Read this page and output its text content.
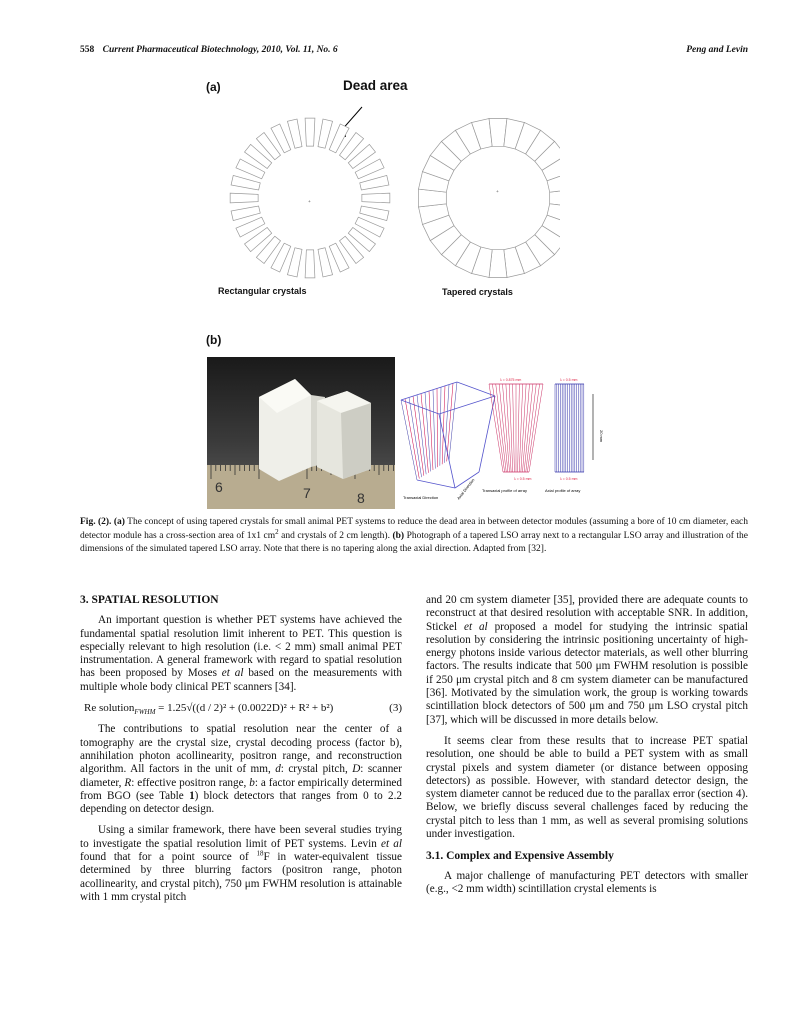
558 Current Pharmaceutical Biotechnology, 2010, Vol. 11, No. 6	Peng and Levin
(a)	Dead area
+
+
Rectangular crystals	Tapered crystals
(b)
6	7	8
λ = 0.875 mm	λ = 0.5 mm
λ = 0.5 mm	λ = 0.5 mm
20 mm
Transaxial Direction	Axial Direction Transaxial profile of array	Axial profile of array
Fig. (2). (a) The concept of using tapered crystals for small animal PET systems to reduce the dead area in between detector modules (assuming a bore of 10 cm diameter, each detector module has a cross-section area of 1x1 $cm^2$ and crystals of 2 cm length). (b) Photograph of a tapered LSO array next to a rectangular LSO array and illustration of the dimensions of the simulated tapered LSO array. Note that there is no tapering along the axial direction. Adapted from [32].

3. SPATIAL RESOLUTION

An important question is whether PET systems have achieved the fundamental spatial resolution limit inherent to PET. This question is especially relevant to high resolution (i.e. < 2 mm) small animal PET instrumentation. A general framework with regard to spatial resolution has been proposed by Moses et al based on the measurements with multiple whole body clinical PET scanners [34].

Re solution$_{FWHM}$ = 1.25√((d / 2)² + (0.0022D)² + R² + b²)	(3)

The contributions to spatial resolution near the center of a tomography are the crystal size, crystal decoding process (factor b), annihilation photon acollinearity, positron range, and reconstruction algorithm. All factors in the unit of mm, d: crystal pitch, D: scanner diameter, R: effective positron range, b: a factor empirically determined from BGO (see Table 1) block detectors that ranges from 0 to 2.2 depending on detector design.

Using a similar framework, there have been several studies trying to investigate the spatial resolution limit of PET systems. Levin et al found that for a point source of $^{18}$F in water-equivalent tissue determined by three blurring factors (positron range, photon acollinearity, and crystal pitch), 750 μm FWHM resolution is attainable with 1 mm crystal pitch

and 20 cm system diameter [35], provided there are adequate counts to reconstruct at that desired resolution with acceptable SNR. In addition, Stickel et al proposed a model for studying the intrinsic spatial resolution by considering the intrinsic positioning uncertainty of high-energy photons inside various detector materials, as well other blurring factors. The results indicate that 500 μm FWHM resolution is possible if 250 μm crystal pitch and 8 cm system diameter can be manufactured [36]. Motivated by the simulation work, the group is working towards scintillation block detectors of 500 μm and 750 μm LSO crystal pitch [37], which will be discussed in more details below.

It seems clear from these results that to increase PET spatial resolution, one should be able to build a PET system with as small crystal pixels and system diameter (or distance between opposing detectors) as possible. However, with standard detector design, the system diameter cannot be reduced due to the parallax error (section 4). Below, we briefly discuss several challenges faced by reducing the crystal pitch to less than 1 mm, as well as several promising solutions under investigation.

3.1. Complex and Expensive Assembly

A major challenge of manufacturing PET detectors with smaller (e.g., <2 mm width) scintillation crystal elements is
